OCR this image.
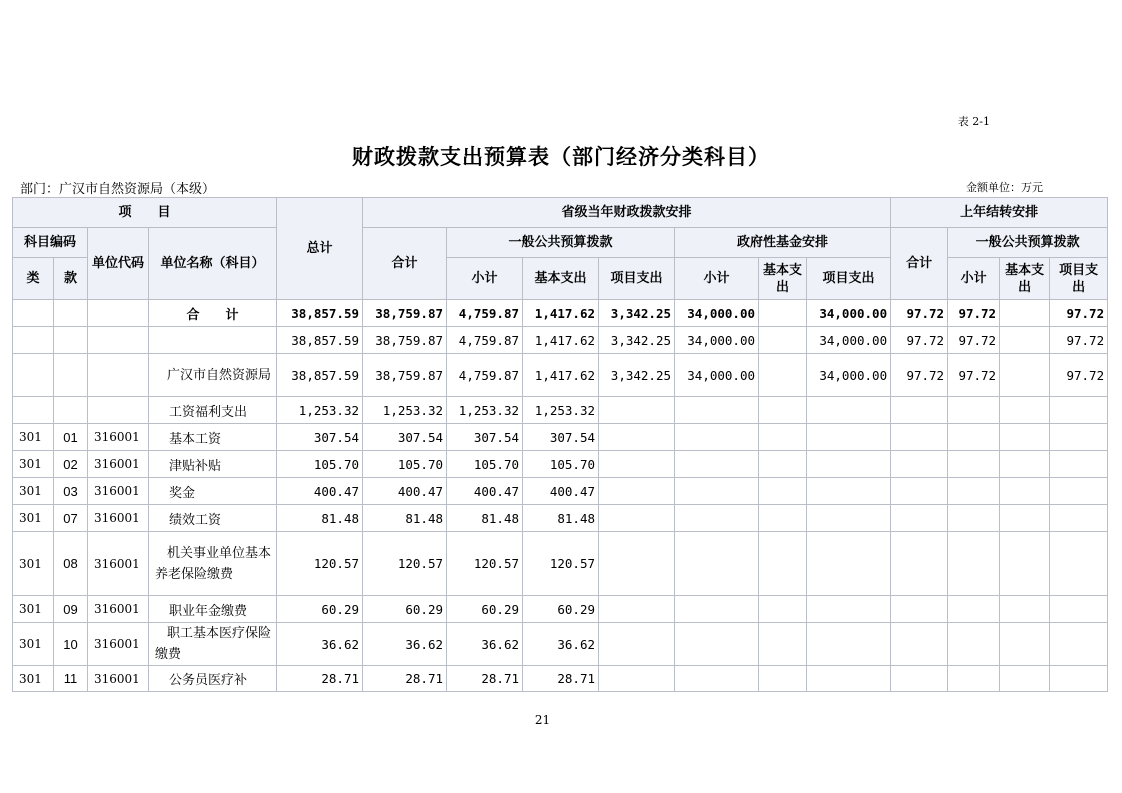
表 2-1
财政拨款支出预算表（部门经济分类科目）
部门：广汉市自然资源局（本级）	金额单位：万元
项　　目				总计	省级当年财政拨款安排							上年结转安排			
科目编码		单位代码	单位名称（科目）		合计	一般公共预算拨款			政府性基金安排			合计	一般公共预算拨款		
类	款					小计	基本支出	项目支出	小计	基本支出	项目支出		小计	基本支出	项目支出
			合　　计	38,857.59	38,759.87	4,759.87	1,417.62	3,342.25	34,000.00		34,000.00	97.72	97.72		97.72
				38,857.59	38,759.87	4,759.87	1,417.62	3,342.25	34,000.00		34,000.00	97.72	97.72		97.72
			广汉市自然资源局	38,857.59	38,759.87	4,759.87	1,417.62	3,342.25	34,000.00		34,000.00	97.72	97.72		97.72
			工资福利支出	1,253.32	1,253.32	1,253.32	1,253.32								
301	01	316001	基本工资	307.54	307.54	307.54	307.54								
301	02	316001	津贴补贴	105.70	105.70	105.70	105.70								
301	03	316001	奖金	400.47	400.47	400.47	400.47								
301	07	316001	绩效工资	81.48	81.48	81.48	81.48								
301	08	316001	机关事业单位基本养老保险缴费	120.57	120.57	120.57	120.57								
301	09	316001	职业年金缴费	60.29	60.29	60.29	60.29								
301	10	316001	职工基本医疗保险缴费	36.62	36.62	36.62	36.62								
301	11	316001	公务员医疗补	28.71	28.71	28.71	28.71								
21
